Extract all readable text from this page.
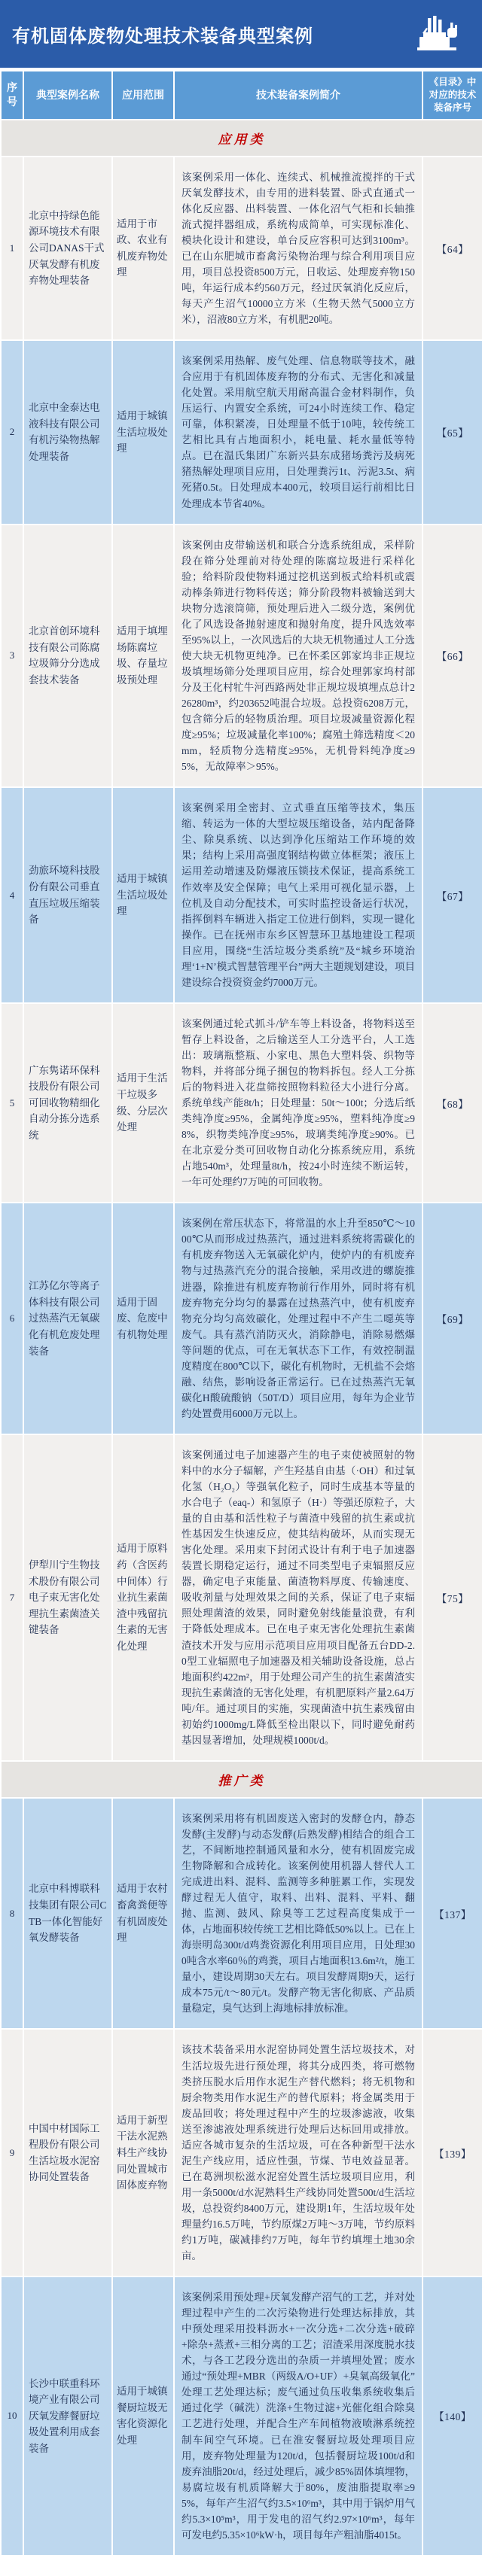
有机固体废物处理技术装备典型案例
序号	典型案例名称	应用范围	技术装备案例简介	《目录》中对应的技术装备序号
应用类				
1	北京中持绿色能源环境技术有限公司DANAS干式厌氧发酵有机废弃物处理装备	适用于市政、农业有机废弃物处理	该案例采用一体化、连续式、机械推流搅拌的干式厌氧发酵技术，由专用的进料装置、卧式直通式一体化反应器、出料装置、一体化沼气气柜和长轴推流式搅拌器组成，系统构成简单，可实现标准化、模块化设计和建设，单台反应容积可达到3100m³。已在山东肥城市畜禽污染物治理与综合利用项目应用，项目总投资8500万元，日收运、处理废弃物150吨，年运行成本约560万元，经过厌氧消化反应后，每天产生沼气10000立方米（生物天然气5000立方米），沼液80立方米，有机肥20吨。	【64】
2	北京中金泰达电液科技有限公司有机污染物热解处理装备	适用于城镇生活垃圾处理	该案例采用热解、废气处理、信息物联等技术，融合应用于有机固体废弃物的分布式、无害化和减量化处置。采用航空航天用耐高温合金材料制作，负压运行、内置安全系统，可24小时连续工作、稳定可靠，体积紧凑，日处理量不低于10吨，较传统工艺相比具有占地面积小，耗电量、耗水量低等特点。已在温氏集团广东新兴县东成猪场粪污及病死猪热解处理项目应用，日处理粪污1t、污泥3.5t、病死猪0.5t。日处理成本400元，较项目运行前相比日处理成本节省40%。	【65】
3	北京首创环境科技有限公司陈腐垃圾筛分分选成套技术装备	适用于填埋场陈腐垃圾、存量垃圾预处理	该案例由皮带输送机和联合分选系统组成，采样阶段在筛分处理前对待处理的陈腐垃圾进行采样化验；给料阶段使物料通过挖机送到板式给料机或震动棒条筛进行物料传送；筛分阶段物料被输送到大块物分选滚筒筛，预处理后进入二级分选，案例优化了风选设备抛射速度和抛射角度，提升风选效率至95%以上，一次风选后的大块无机物通过人工分选使大块无机物更纯净。已在怀柔区郭家坞非正规垃圾填埋场筛分处理项目应用，综合处理郭家坞村部分及王化村牤牛河西路两处非正规垃圾填埋点总计226280m³，约203652吨混合垃圾。总投资6208万元，包含筛分后的轻物质治理。项目垃圾减量资源化程度≥95%；垃圾减量化率100%；腐殖土筛选精度＜20mm，轻质物分选精度≥95%，无机骨料纯净度≥95%，无故障率＞95%。	【66】
4	劲旅环境科技股份有限公司垂直直压垃圾压缩装备	适用于城镇生活垃圾处理	该案例采用全密封、立式垂直压缩等技术，集压缩、转运为一体的大型垃圾压缩设备，站内配备降尘、除臭系统、以达到净化压缩站工作环境的效果；结构上采用高强度钢结构做立体框架；液压上运用差动增速及防爆液压锁技术保证，提高系统工作效率及安全保障；电气上采用可视化显示器，上位机及自动分配技术，可实时监控设备运行状况，指挥倒料车辆进入指定工位进行倒料，实现一键化操作。已在抚州市东乡区智慧环卫基地建设工程项目应用，围绕“生活垃圾分类系统”及“城乡环境治理‘1+N’模式智慧管理平台”两大主题规划建设，项目建设综合投资资金约7000万元。	【67】
5	广东隽诺环保科技股份有限公司可回收物精细化自动分拣分选系统	适用于生活干垃圾多级、分层次处理	该案例通过轮式抓斗/铲车等上料设备，将物料送至暂存上料设备，之后输送至人工分选平台，人工选出：玻璃瓶整瓶、小家电、黑色大塑料袋、织物等物料，并将部分绳子捆包的物料拆包。经人工分拣后的物料进入花盘筛按照物料粒径大小进行分离。系统单线产能8t/h；日处理量：50t～100t；分选后纸类纯净度≥95%，金属纯净度≥95%，塑料纯净度≥98%，织物类纯净度≥95%，玻璃类纯净度≥90%。已在北京爱分类可回收物自动化分拣系统应用，系统占地540m³，处理量8t/h，按24小时连续不断运转，一年可处理约7万吨的可回收物。	【68】
6	江苏亿尔等离子体科技有限公司过热蒸汽无氧碳化有机危废处理装备	适用于固废、危废中有机物处理	该案例在常压状态下，将常温的水上升至850℃～1000℃从而形成过热蒸汽，通过进料系统将需碳化的有机废弃物送入无氧碳化炉内，使炉内的有机废弃物与过热蒸汽充分的混合接触，采用改进的螺旋推进器，除推进有机废弃物前行作用外，同时将有机废弃物充分均匀的暴露在过热蒸汽中，使有机废弃物充分均匀高效碳化，处理过程中不产生二噁英等废气。具有蒸汽消防灭火，消除静电，消除易燃爆等问题的优点，可在无氧状态下工作，有效控制温度精度在800℃以下，碳化有机物时，无机盐不会熔融、结焦，影响设备正常运行。已在过热蒸汽无氧碳化H酸硫酸钠（50T/D）项目应用，每年为企业节约处置费用6000万元以上。	【69】
7	伊犁川宁生物技术股份有限公司电子束无害化处理抗生素菌渣关键装备	适用于原料药（含医药中间体）行业抗生素菌渣中残留抗生素的无害化处理	该案例通过电子加速器产生的电子束使被照射的物料中的水分子辐解，产生羟基自由基（·OH）和过氧化氢（H₂O₂）等强氧化粒子，同时生成基本等量的水合电子（eaq-）和氢原子（H·）等强还原粒子，大量的自由基和活性粒子与菌渣中残留的抗生素或抗性基因发生快速反应，使其结构破坏，从而实现无害化处理。采用束下封闭式设计有利于电子加速器装置长期稳定运行，通过不同类型电子束辐照反应器，确定电子束能量、菌渣物料厚度、传输速度、吸收剂量与处理效果之间的关系，保证了电子束辐照处理菌渣的效果，同时避免射线能量浪费，有利于降低处理成本。已在电子束无害化处理抗生素菌渣技术开发与应用示范项目应用项目配备五台DD-2.0型工业辐照电子加速器及相关辅助设备设施，总占地面积约422m²，用于处理公司产生的抗生素菌渣实现抗生素菌渣的无害化处理，有机肥原料产量2.64万吨/年。通过项目的实施，实现菌渣中抗生素残留由初始约1000mg/L降低至检出限以下，同时避免耐药基因显著增加，处理规模1000t/d。	【75】
推广类				
8	北京中科博联科技集团有限公司CTB一体化智能好氧发酵装备	适用于农村畜禽粪便等有机固废处理	该案例采用将有机固废送入密封的发酵仓内，静态发酵(主发酵)与动态发酵(后熟发酵)相结合的组合工艺，不间断地控制通风量和水分，使有机固废完成生物降解和合成转化。该案例使用机器人替代人工完成进出料、混料、监测等多种脏累工作，实现发酵过程无人值守，取料、出料、混料、平料、翻抛、监测、鼓风、除臭等工艺过程高度集成于一体，占地面积较传统工艺相比降低50%以上。已在上海崇明岛300t/d鸡粪资源化利用项目应用，日处理300吨含水率60％的鸡粪，项目占地面积13.6m²/t，施工量小，建设周期30天左右。项目发酵周期9天，运行成本75元/t～80元/t。发酵产物无害化彻底、产品质量稳定，臭气达到上海地标排放标准。	【137】
9	中国中材国际工程股份有限公司生活垃圾水泥窑协同处置装备	适用于新型干法水泥熟料生产线协同处置城市固体废弃物	该技术装备采用水泥窑协同处置生活垃圾技术，对生活垃圾先进行预处理，将其分成四类，将可燃物类挤压脱水后用作水泥生产替代燃料；将无机物和厨余物类用作水泥生产的替代原料；将金属类用于废品回收；将处理过程中产生的垃圾渗滤液，收集送至渗滤液处理系统进行处理后达标回用或排放。适应各城市复杂的生活垃圾，可在各种新型干法水泥生产线应用，适应性强，节煤、节电效益显著。已在葛洲坝松滋水泥窑处置生活垃圾项目应用，利用一条5000t/d水泥熟料生产线协同处置500t/d生活垃圾，总投资约8400万元，建设期1年，生活垃圾年处理量约16.5万吨，节约原煤2万吨～3万吨，节约原料约1万吨，碳减排约7万吨，每年节约填埋土地30余亩。	【139】
10	长沙中联重科环境产业有限公司厌氧发酵餐厨垃圾处置利用成套装备	适用于城镇餐厨垃圾无害化资源化处理	该案例采用预处理+厌氧发酵产沼气的工艺，并对处理过程中产生的二次污染物进行处理达标排放，其中预处理采用投料沥水+一次分选+二次分选+破碎+除杂+蒸煮+三相分离的工艺；沼渣采用深度脱水技术，与各工艺段分选出的杂质一并填埋处置；废水通过“预处理+MBR（两级A/O+UF）+臭氧高级氧化”处理工艺处理达标；废气通过负压收集系统收集后通过化学（碱洗）洗涤+生物过滤+光催化组合除臭工艺进行处理，并配合生产车间植物液喷淋系统控制车间空气环境。已在淮安餐厨垃圾处理项目应用，废弃物处理量为120t/d，包括餐厨垃圾100t/d和废弃油脂20t/d，经过处理后，减少85%固体填埋物，易腐垃圾有机质降解大于80%，废油脂提取率≥95%，每年产生沼气约3.5×10⁶m³，其中用于锅炉用气约5.3×10⁵m³，用于发电的沼气约2.97×10⁶m³，每年可发电约5.35×10⁶kW·h，项目每年产粗油脂4015t。	【140】
